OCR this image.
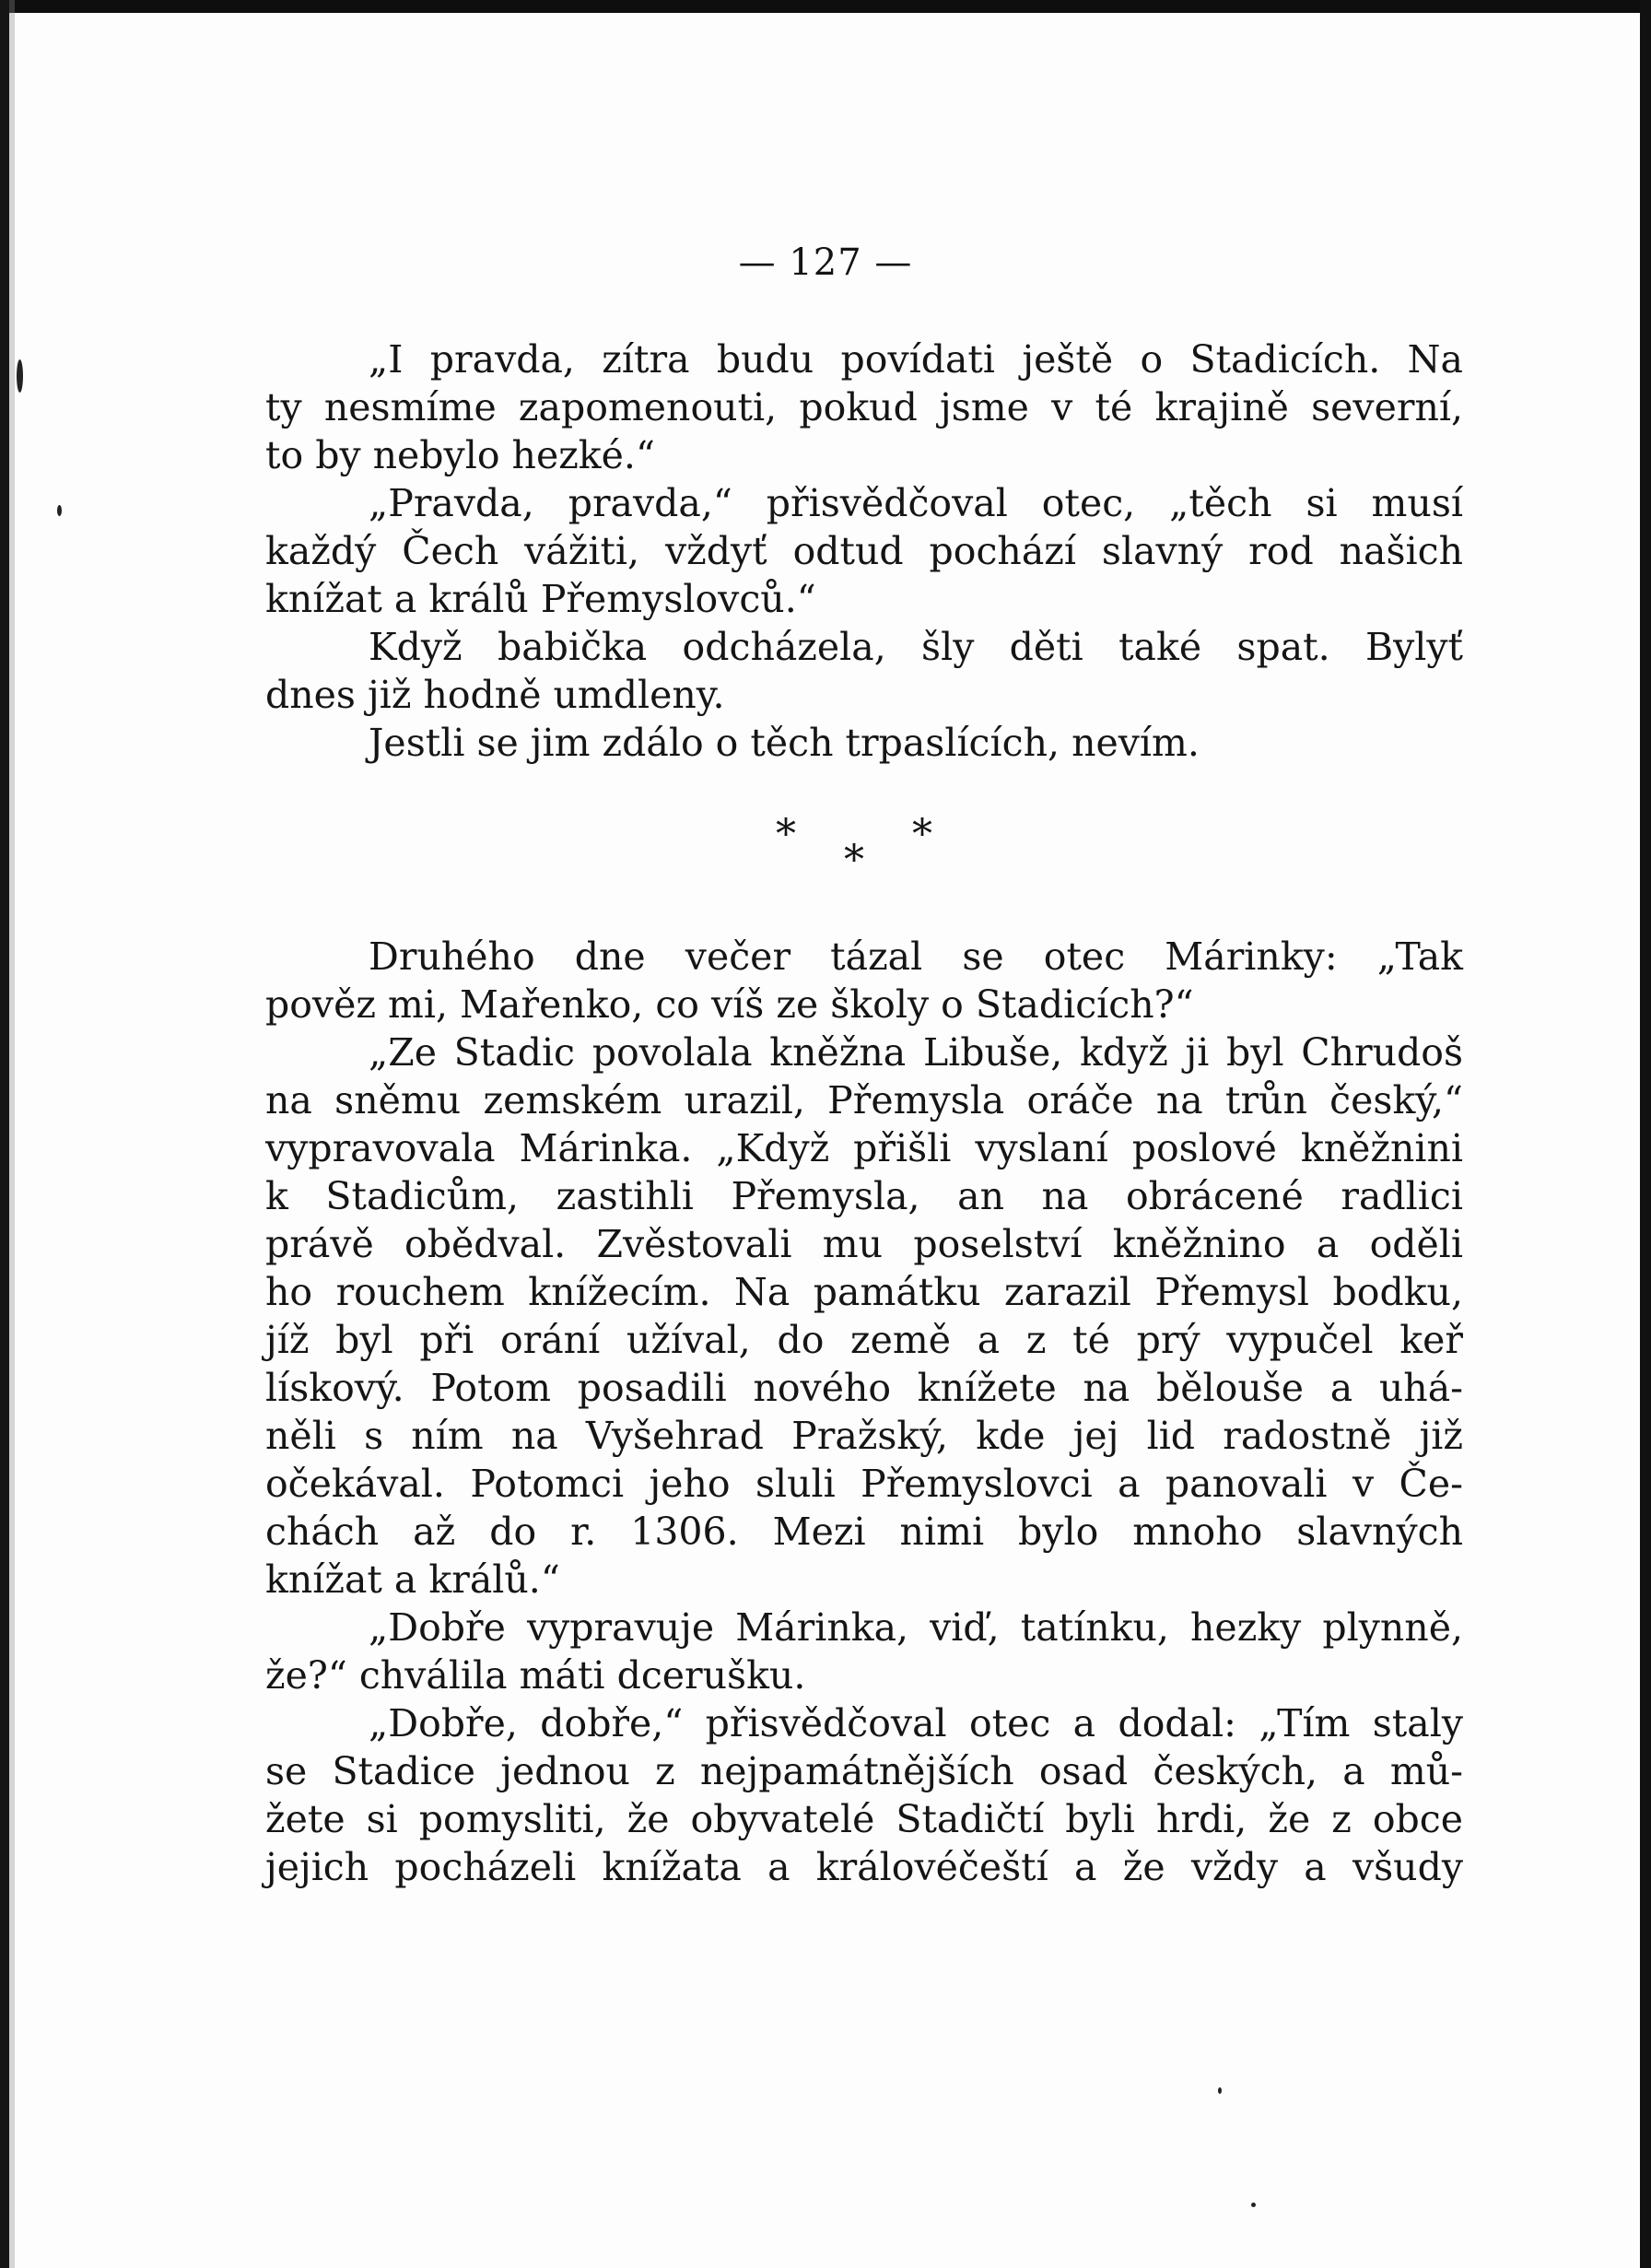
— 127 —
„I pravda, zítra budu povídati ještě o Stadicích. Na
ty nesmíme zapomenouti, pokud jsme v té krajině severní,
to by nebylo hezké.“
„Pravda, pravda,“ přisvědčoval otec, „těch si musí
každý Čech vážiti, vždyť odtud pochází slavný rod našich
knížat a králů Přemyslovců.“
Když babička odcházela, šly děti také spat. Bylyť
dnes již hodně umdleny.
Jestli se jim zdálo o těch trpaslících, nevím.
*
*
*
Druhého dne večer tázal se otec Márinky: „Tak
pověz mi, Mařenko, co víš ze školy o Stadicích?“
„Ze Stadic povolala kněžna Libuše, když ji byl Chrudoš
na sněmu zemském urazil, Přemysla oráče na trůn český,“
vypravovala Márinka. „Když přišli vyslaní poslové kněžnini
k Stadicům, zastihli Přemysla, an na obrácené radlici
právě obědval. Zvěstovali mu poselství kněžnino a oděli
ho rouchem knížecím. Na památku zarazil Přemysl bodku,
jíž byl při orání užíval, do země a z té prý vypučel keř
lískový. Potom posadili nového knížete na bělouše a uhá-
něli s ním na Vyšehrad Pražský, kde jej lid radostně již
očekával. Potomci jeho sluli Přemyslovci a panovali v Če-
chách až do r. 1306. Mezi nimi bylo mnoho slavných
knížat a králů.“
„Dobře vypravuje Márinka, viď, tatínku, hezky plynně,
že?“ chválila máti dcerušku.
„Dobře, dobře,“ přisvědčoval otec a dodal: „Tím staly
se Stadice jednou z nejpamátnějších osad českých, a mů-
žete si pomysliti, že obyvatelé Stadičtí byli hrdi, že z obce
jejich pocházeli knížata a královéčeští a že vždy a všudy
